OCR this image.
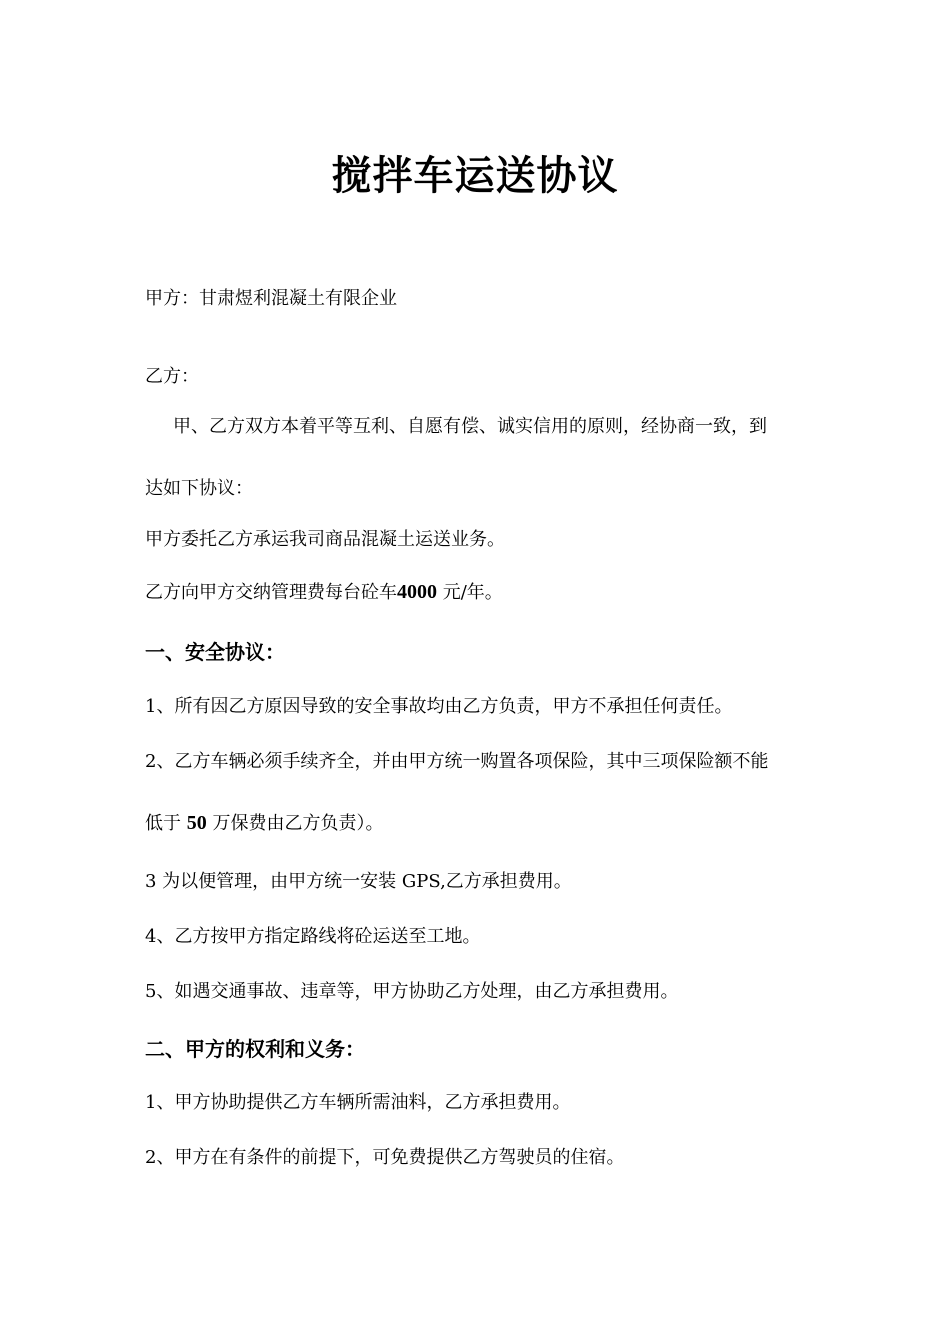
搅拌车运送协议
甲方：甘肃煜利混凝土有限企业
乙方：
甲、乙方双方本着平等互利、自愿有偿、诚实信用的原则，经协商一致，到
达如下协议：
甲方委托乙方承运我司商品混凝土运送业务。
乙方向甲方交纳管理费每台砼车4000 元/年。
一、安全协议：
1、所有因乙方原因导致的安全事故均由乙方负责，甲方不承担任何责任。
2、乙方车辆必须手续齐全，并由甲方统一购置各项保险，其中三项保险额不能
低于 50 万保费由乙方负责）。
3 为以便管理，由甲方统一安装 GPS,乙方承担费用。
4、乙方按甲方指定路线将砼运送至工地。
5、如遇交通事故、违章等，甲方协助乙方处理，由乙方承担费用。
二、甲方的权利和义务：
1、甲方协助提供乙方车辆所需油料，乙方承担费用。
2、甲方在有条件的前提下，可免费提供乙方驾驶员的住宿。
